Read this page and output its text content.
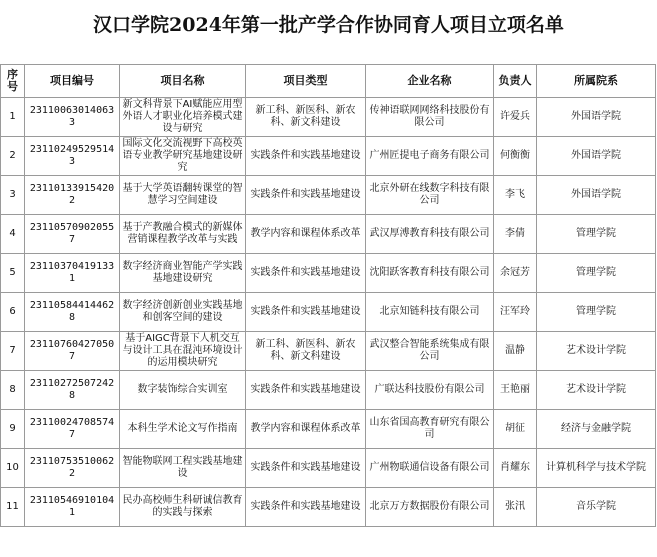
汉口学院2024年第一批产学合作协同育人项目立项名单
序号	项目编号	项目名称	项目类型	企业名称	负责人	所属院系
1	231100630140633	新文科背景下AI赋能应用型外语人才职业化培养模式建设与研究	新工科、新医科、新农科、新文科建设	传神语联网网络科技股份有限公司	许爱兵	外国语学院
2	231102495295143	国际文化交流视野下高校英语专业教学研究基地建设研究	实践条件和实践基地建设	广州匠提电子商务有限公司	何衡衡	外国语学院
3	231101339154202	基于大学英语翻转课堂的智慧学习空间建设	实践条件和实践基地建设	北京外研在线数字科技有限公司	李飞	外国语学院
4	231105709020557	基于产教融合模式的新媒体营销课程教学改革与实践	教学内容和课程体系改革	武汉厚溥教育科技有限公司	李倩	管理学院
5	231103704191331	数字经济商业智能产学实践基地建设研究	实践条件和实践基地建设	沈阳跃客教育科技有限公司	余冠芳	管理学院
6	231105844144628	数字经济创新创业实践基地和创客空间的建设	实践条件和实践基地建设	北京知链科技有限公司	汪军玲	管理学院
7	231107604270507	基于AIGC背景下人机交互与设计工具在混沌环境设计的运用模块研究	新工科、新医科、新农科、新文科建设	武汉整合智能系统集成有限公司	温静	艺术设计学院
8	231102725072428	数字装饰综合实训室	实践条件和实践基地建设	广联达科技股份有限公司	王艳丽	艺术设计学院
9	231100247085747	本科生学术论文写作指南	教学内容和课程体系改革	山东省国高教育研究有限公司	胡征	经济与金融学院
10	231107535100622	智能物联网工程实践基地建设	实践条件和实践基地建设	广州物联通信设备有限公司	肖耀东	计算机科学与技术学院
11	231105469101041	民办高校师生科研诚信教育的实践与探索	实践条件和实践基地建设	北京万方数据股份有限公司	张汛	音乐学院
